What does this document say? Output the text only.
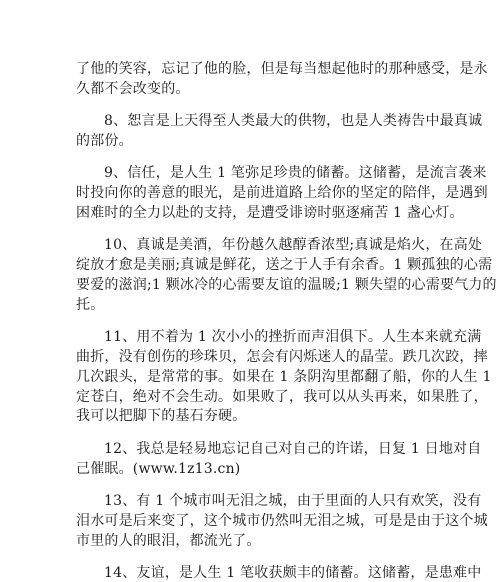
了他的笑容，忘记了他的脸，但是每当想起他时的那种感受，是永
久都不会改变的。
8、恕言是上天得至人类最大的供物，也是人类祷告中最真诚
的部份。
9、信任，是人生 1 笔弥足珍贵的储蓄。这储蓄，是流言袭来
时投向你的善意的眼光，是前进道路上给你的坚定的陪伴，是遇到
困难时的全力以赴的支持，是遭受诽谤时驱逐痛苦 1 盏心灯。
10、真诚是美酒，年份越久越醇香浓型;真诚是焰火，在高处
绽放才愈是美丽;真诚是鲜花，送之于人手有余香。1 颗孤独的心需
要爱的滋润;1 颗冰冷的心需要友谊的温暖;1 颗失望的心需要气力的
托。
11、用不着为 1 次小小的挫折而声泪俱下。人生本来就充满
曲折，没有创伤的珍珠贝，怎会有闪烁迷人的晶莹。跌几次跤，摔
几次跟头，是常常的事。如果在 1 条阴沟里都翻了船，你的人生 1
定苍白，绝对不会生动。如果败了，我可以从头再来，如果胜了，
我可以把脚下的基石夯硬。
12、我总是轻易地忘记自己对自己的许诺，日复 1 日地对自
己催眠。(www.1z13.cn)
13、有 1 个城市叫无泪之城，由于里面的人只有欢笑，没有
泪水可是后来变了，这个城市仍然叫无泪之城，可是是由于这个城
市里的人的眼泪，都流光了。
14、友谊，是人生 1 笔收获颇丰的储蓄。这储蓄，是患难中
